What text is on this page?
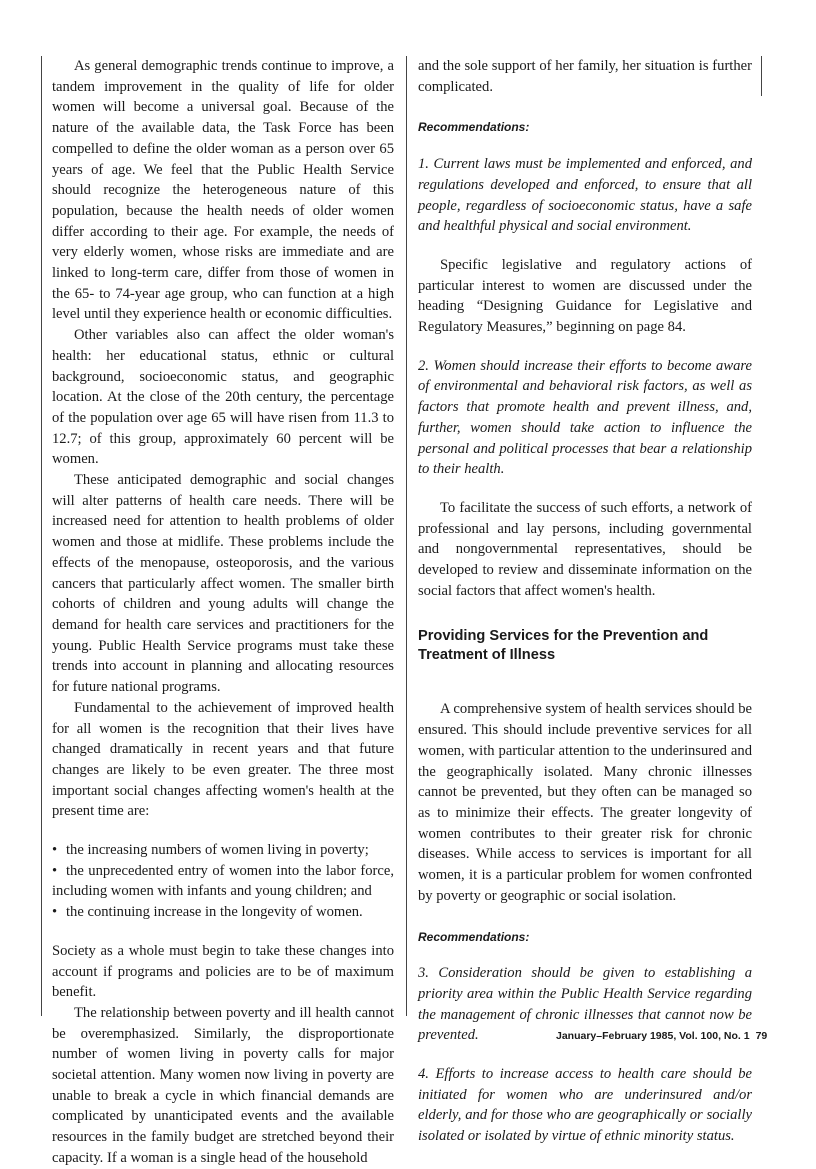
As general demographic trends continue to improve, a tandem improvement in the quality of life for older women will become a universal goal. Because of the nature of the available data, the Task Force has been compelled to define the older woman as a person over 65 years of age. We feel that the Public Health Service should recognize the heterogeneous nature of this population, because the health needs of older women differ according to their age. For example, the needs of very elderly women, whose risks are immediate and are linked to long-term care, differ from those of women in the 65- to 74-year age group, who can function at a high level until they experience health or economic difficulties.

Other variables also can affect the older woman's health: her educational status, ethnic or cultural background, socioeconomic status, and geographic location. At the close of the 20th century, the percentage of the population over age 65 will have risen from 11.3 to 12.7; of this group, approximately 60 percent will be women.

These anticipated demographic and social changes will alter patterns of health care needs. There will be increased need for attention to health problems of older women and those at midlife. These problems include the effects of the menopause, osteoporosis, and the various cancers that particularly affect women. The smaller birth cohorts of children and young adults will change the demand for health care services and practitioners for the young. Public Health Service programs must take these trends into account in planning and allocating resources for future national programs.

Fundamental to the achievement of improved health for all women is the recognition that their lives have changed dramatically in recent years and that future changes are likely to be even greater. The three most important social changes affecting women's health at the present time are:

• the increasing numbers of women living in poverty;
• the unprecedented entry of women into the labor force, including women with infants and young children; and
• the continuing increase in the longevity of women.

Society as a whole must begin to take these changes into account if programs and policies are to be of maximum benefit.

The relationship between poverty and ill health cannot be overemphasized. Similarly, the disproportionate number of women living in poverty calls for major societal attention. Many women now living in poverty are unable to break a cycle in which financial demands are complicated by unanticipated events and the available resources in the family budget are stretched beyond their capacity. If a woman is a single head of the household

and the sole support of her family, her situation is further complicated.

Recommendations:

1. Current laws must be implemented and enforced, and regulations developed and enforced, to ensure that all people, regardless of socioeconomic status, have a safe and healthful physical and social environment.

Specific legislative and regulatory actions of particular interest to women are discussed under the heading “Designing Guidance for Legislative and Regulatory Measures,” beginning on page 84.

2. Women should increase their efforts to become aware of environmental and behavioral risk factors, as well as factors that promote health and prevent illness, and, further, women should take action to influence the personal and political processes that bear a relationship to their health.

To facilitate the success of such efforts, a network of professional and lay persons, including governmental and nongovernmental representatives, should be developed to review and disseminate information on the social factors that affect women's health.

Providing Services for the Prevention and Treatment of Illness

A comprehensive system of health services should be ensured. This should include preventive services for all women, with particular attention to the underinsured and the geographically isolated. Many chronic illnesses cannot be prevented, but they often can be managed so as to minimize their effects. The greater longevity of women contributes to their greater risk for chronic diseases. While access to services is important for all women, it is a particular problem for women confronted by poverty or geographic or social isolation.

Recommendations:

3. Consideration should be given to establishing a priority area within the Public Health Service regarding the management of chronic illnesses that cannot now be prevented.

4. Efforts to increase access to health care should be initiated for women who are underinsured and/or elderly, and for those who are geographically or socially isolated or isolated by virtue of ethnic minority status.

January–February 1985, Vol. 100, No. 1 79
